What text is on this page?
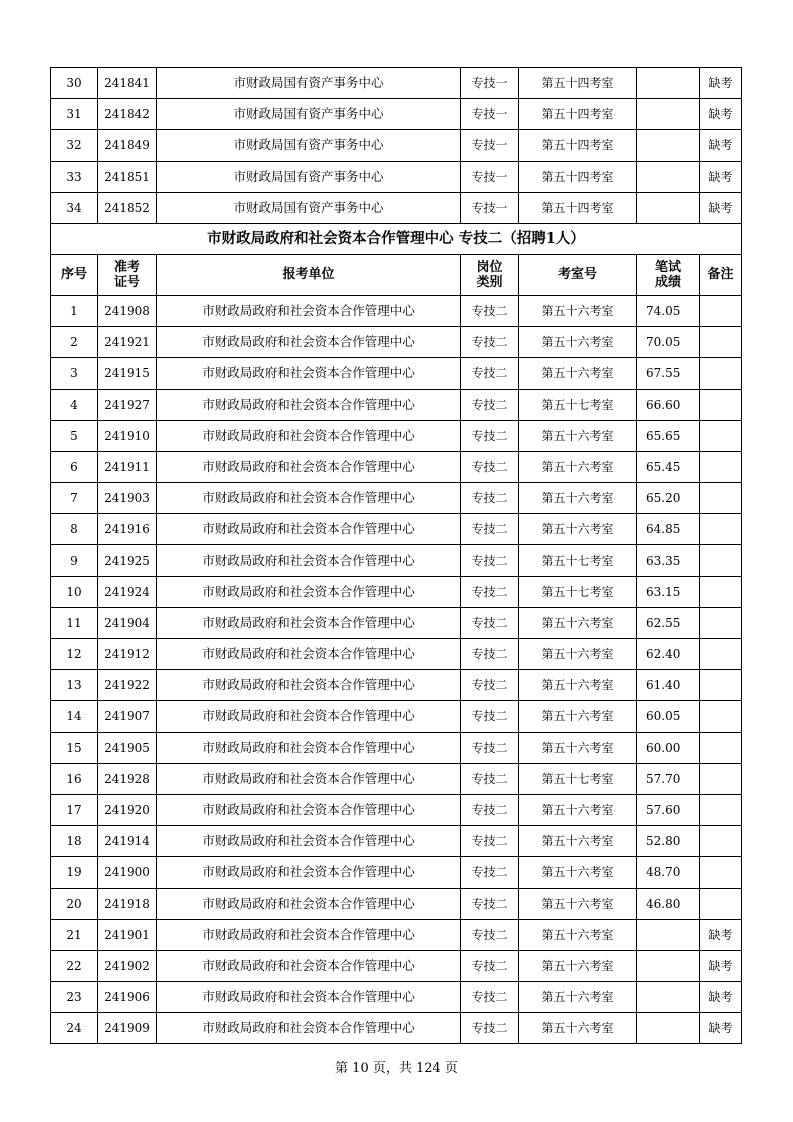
30	241841	市财政局国有资产事务中心	专技一	第五十四考室		缺考
31	241842	市财政局国有资产事务中心	专技一	第五十四考室		缺考
32	241849	市财政局国有资产事务中心	专技一	第五十四考室		缺考
33	241851	市财政局国有资产事务中心	专技一	第五十四考室		缺考
34	241852	市财政局国有资产事务中心	专技一	第五十四考室		缺考
市财政局政府和社会资本合作管理中心 专技二（招聘1人）						
序号	准考证号	报考单位	岗位类别	考室号	笔试成绩	备注
1	241908	市财政局政府和社会资本合作管理中心	专技二	第五十六考室	74.05	
2	241921	市财政局政府和社会资本合作管理中心	专技二	第五十六考室	70.05	
3	241915	市财政局政府和社会资本合作管理中心	专技二	第五十六考室	67.55	
4	241927	市财政局政府和社会资本合作管理中心	专技二	第五十七考室	66.60	
5	241910	市财政局政府和社会资本合作管理中心	专技二	第五十六考室	65.65	
6	241911	市财政局政府和社会资本合作管理中心	专技二	第五十六考室	65.45	
7	241903	市财政局政府和社会资本合作管理中心	专技二	第五十六考室	65.20	
8	241916	市财政局政府和社会资本合作管理中心	专技二	第五十六考室	64.85	
9	241925	市财政局政府和社会资本合作管理中心	专技二	第五十七考室	63.35	
10	241924	市财政局政府和社会资本合作管理中心	专技二	第五十七考室	63.15	
11	241904	市财政局政府和社会资本合作管理中心	专技二	第五十六考室	62.55	
12	241912	市财政局政府和社会资本合作管理中心	专技二	第五十六考室	62.40	
13	241922	市财政局政府和社会资本合作管理中心	专技二	第五十六考室	61.40	
14	241907	市财政局政府和社会资本合作管理中心	专技二	第五十六考室	60.05	
15	241905	市财政局政府和社会资本合作管理中心	专技二	第五十六考室	60.00	
16	241928	市财政局政府和社会资本合作管理中心	专技二	第五十七考室	57.70	
17	241920	市财政局政府和社会资本合作管理中心	专技二	第五十六考室	57.60	
18	241914	市财政局政府和社会资本合作管理中心	专技二	第五十六考室	52.80	
19	241900	市财政局政府和社会资本合作管理中心	专技二	第五十六考室	48.70	
20	241918	市财政局政府和社会资本合作管理中心	专技二	第五十六考室	46.80	
21	241901	市财政局政府和社会资本合作管理中心	专技二	第五十六考室		缺考
22	241902	市财政局政府和社会资本合作管理中心	专技二	第五十六考室		缺考
23	241906	市财政局政府和社会资本合作管理中心	专技二	第五十六考室		缺考
24	241909	市财政局政府和社会资本合作管理中心	专技二	第五十六考室		缺考
第 10 页，共 124 页
